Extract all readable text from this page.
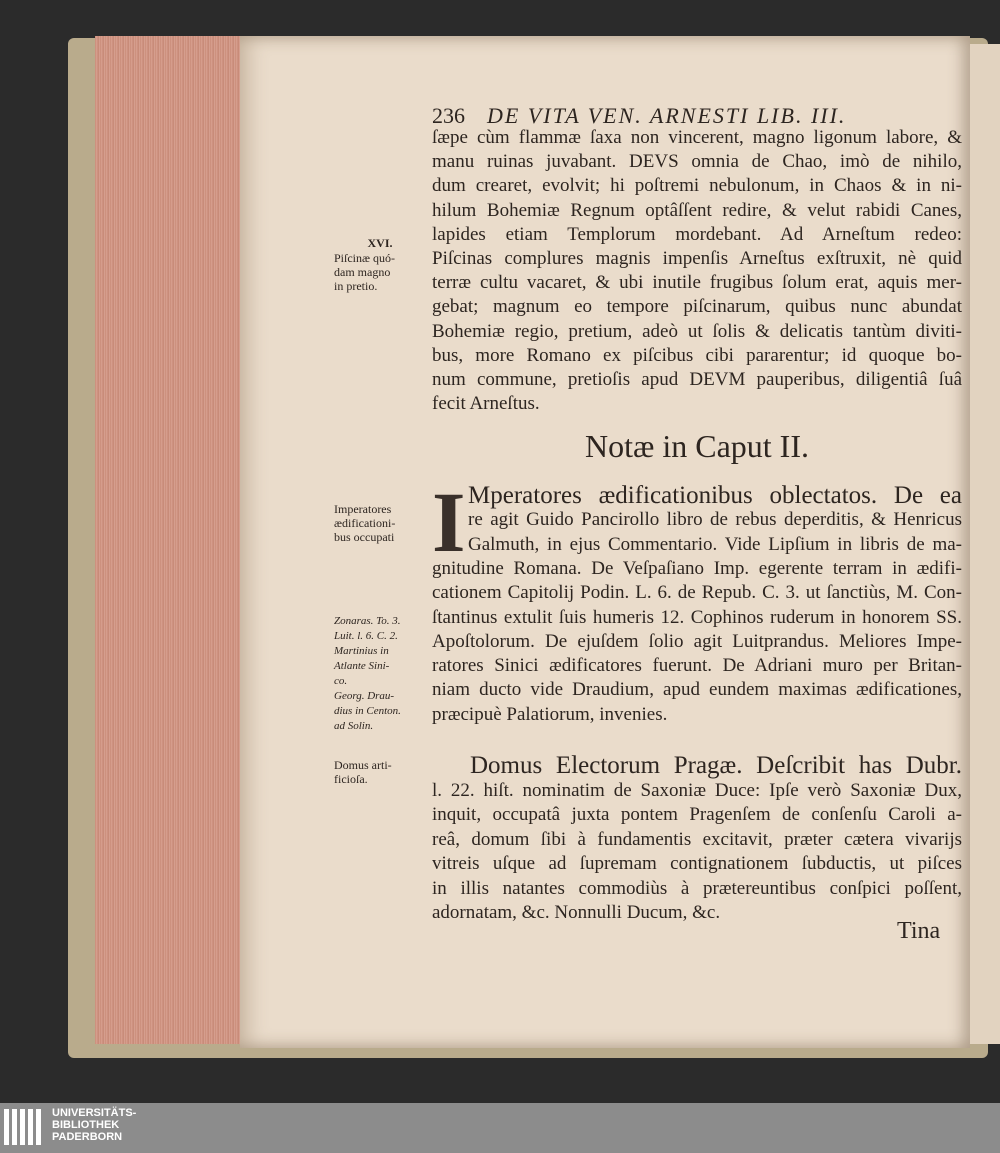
236 DE VITA VEN. ARNESTI LIB. III.
ſæpe cùm flammæ ſaxa non vincerent, magno ligonum labore, &
manu ruinas juvabant. DEVS omnia de Chao, imò de nihilo,
dum crearet, evolvit; hi poſtremi nebulonum, in Chaos & in ni-
hilum Bohemiæ Regnum optâſſent redire, & velut rabidi Canes,
lapides etiam Templorum mordebant. Ad Arneſtum redeo:
Piſcinas complures magnis impenſis Arneſtus exſtruxit, nè quid
terræ cultu vacaret, & ubi inutile frugibus ſolum erat, aquis mer-
gebat; magnum eo tempore piſcinarum, quibus nunc abundat
Bohemiæ regio, pretium, adeò ut ſolis & delicatis tantùm diviti-
bus, more Romano ex piſcibus cibi pararentur; id quoque bo-
num commune, pretioſis apud DEVM pauperibus, diligentiâ ſuâ
fecit Arneſtus.
XVI.
Piſcinæ quó-
dam magno
in pretio.
Notæ in Caput II.
I Mperatores ædificationibus oblectatos. De ea
re agit Guido Pancirollo libro de rebus deperditis, & Henricus
Galmuth, in ejus Commentario. Vide Lipſium in libris de ma-
gnitudine Romana. De Veſpaſiano Imp. egerente terram in ædifi-
cationem Capitolij Podin. L. 6. de Repub. C. 3. ut ſanctiùs, M. Con-
ſtantinus extulit ſuis humeris 12. Cophinos ruderum in honorem SS.
Apoſtolorum. De ejuſdem ſolio agit Luitprandus. Meliores Impe-
ratores Sinici ædificatores fuerunt. De Adriani muro per Britan-
niam ducto vide Draudium, apud eundem maximas ædificationes,
præcipuè Palatiorum, invenies.
Imperatores
ædificationi-
bus occupati
Zonaras. To. 3.
Luit. l. 6. C. 2.
Martinius in
Atlante Sini-
co.
Georg. Drau-
dius in Centon.
ad Solin.
Domus Electorum Pragæ. Deſcribit has Dubr.
l. 22. hiſt. nominatim de Saxoniæ Duce: Ipſe verò Saxoniæ Dux,
inquit, occupatâ juxta pontem Pragenſem de conſenſu Caroli a-
reâ, domum ſibi à fundamentis excitavit, præter cætera vivarijs
vitreis uſque ad ſupremam contignationem ſubductis, ut piſces
in illis natantes commodiùs à prætereuntibus conſpici poſſent,
adornatam, &c. Nonnulli Ducum, &c.
Domus arti-
ficioſa.
Tina
UNIVERSITÄTS-
BIBLIOTHEK
PADERBORN
